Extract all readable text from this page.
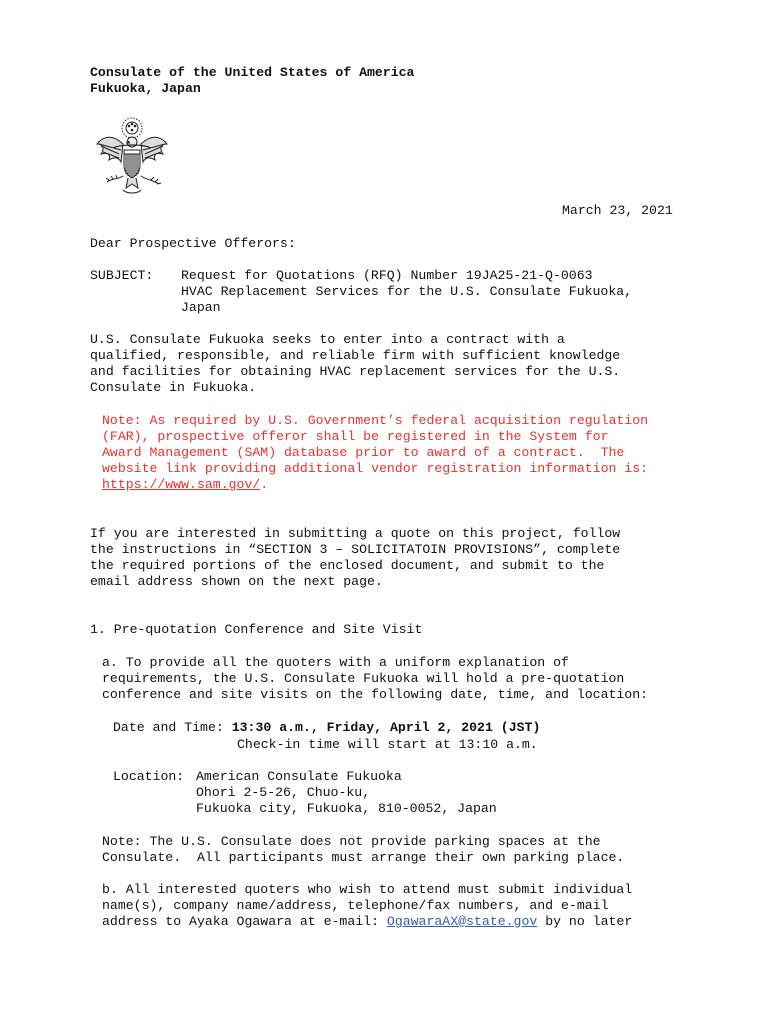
Consulate of the United States of America
Fukuoka, Japan
March 23, 2021
Dear Prospective Offerors:
SUBJECT: Request for Quotations (RFQ) Number 19JA25-21-Q-0063
HVAC Replacement Services for the U.S. Consulate Fukuoka,
Japan
U.S. Consulate Fukuoka seeks to enter into a contract with a
qualified, responsible, and reliable firm with sufficient knowledge
and facilities for obtaining HVAC replacement services for the U.S.
Consulate in Fukuoka.
Note: As required by U.S. Government’s federal acquisition regulation
(FAR), prospective offeror shall be registered in the System for
Award Management (SAM) database prior to award of a contract.  The
website link providing additional vendor registration information is:
https://www.sam.gov/.
If you are interested in submitting a quote on this project, follow
the instructions in “SECTION 3 – SOLICITATOIN PROVISIONS”, complete
the required portions of the enclosed document, and submit to the
email address shown on the next page.
1. Pre-quotation Conference and Site Visit
a. To provide all the quoters with a uniform explanation of
requirements, the U.S. Consulate Fukuoka will hold a pre-quotation
conference and site visits on the following date, time, and location:
Date and Time: 13:30 a.m., Friday, April 2, 2021 (JST)
Check-in time will start at 13:10 a.m.
Location: American Consulate Fukuoka
Ohori 2-5-26, Chuo-ku,
Fukuoka city, Fukuoka, 810-0052, Japan
Note: The U.S. Consulate does not provide parking spaces at the
Consulate.  All participants must arrange their own parking place.
b. All interested quoters who wish to attend must submit individual
name(s), company name/address, telephone/fax numbers, and e-mail
address to Ayaka Ogawara at e-mail: OgawaraAX@state.gov by no later
